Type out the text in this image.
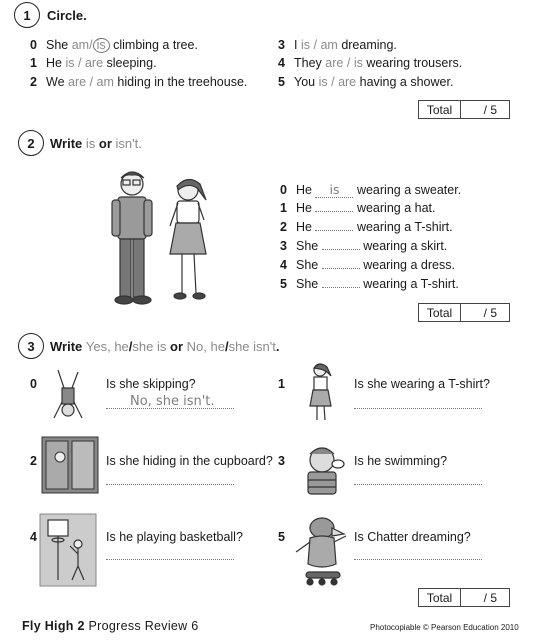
1	Circle.
0 She am/ is climbing a tree.
1 He is / are sleeping.
2 We are / am hiding in the treehouse.
3 I is / am dreaming.
4 They are / is wearing trousers.
5 You is / are having a shower.
Total	/ 5
2	Write is or isn't.
0 He is wearing a sweater.
1 He	wearing a hat.
2 He	wearing a T-shirt.
3 She	wearing a skirt.
4 She	wearing a dress.
5 She	wearing a T-shirt.
Total	/ 5
3	Write Yes, he/she is or No, he/she isn't.
0	Is she skipping?
No, she isn't.
1	Is she wearing a T-shirt?
2	Is she hiding in the cupboard? 3	Is he swimming?
4	Is he playing basketball?	5	Is Chatter dreaming?
Total	/ 5
Fly High 2 Progress Review 6	Photocopiable © Pearson Education 2010
